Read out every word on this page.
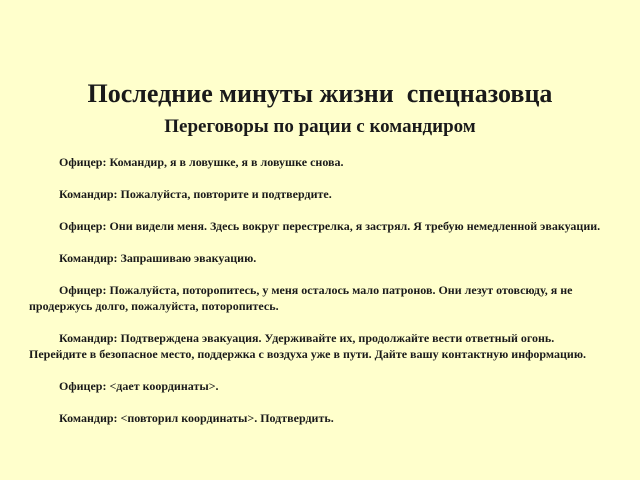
Последние минуты жизни  спецназовца
Переговоры по рации с командиром

Офицер: Командир, я в ловушке, я в ловушке снова.

Командир: Пожалуйста, повторите и подтвердите.

Офицер: Они видели меня. Здесь вокруг перестрелка, я застрял. Я требую немедленной эвакуации.

Командир: Запрашиваю эвакуацию.

Офицер: Пожалуйста, поторопитесь, у меня осталось мало патронов. Они лезут отовсюду, я не продержусь долго, пожалуйста, поторопитесь.

Командир: Подтверждена эвакуация. Удерживайте их, продолжайте вести ответный огонь. Перейдите в безопасное место, поддержка с воздуха уже в пути. Дайте вашу контактную информацию.

Офицер: <дает координаты>.

Командир: <повторил координаты>. Подтвердить.
